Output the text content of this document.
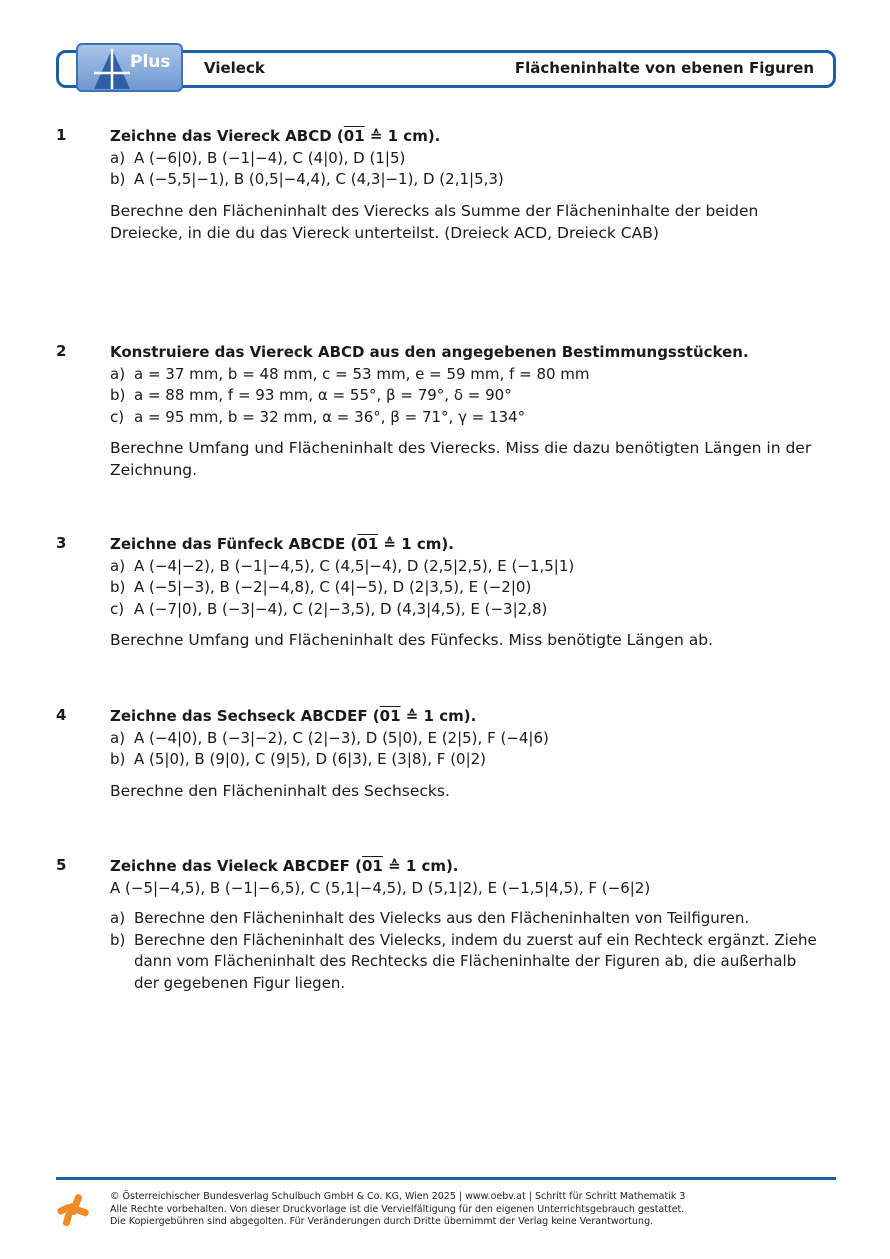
Plus Vieleck	Flächeninhalte von ebenen Figuren
1	Zeichne das Viereck ABCD (01 ≙ 1 cm).
a) A (−6|0), B (−1|−4), C (4|0), D (1|5)
b) A (−5,5|−1), B (0,5|−4,4), C (4,3|−1), D (2,1|5,3)
Berechne den Flächeninhalt des Vierecks als Summe der Flächeninhalte der beiden Dreiecke, in die du das Viereck unterteilst. (Dreieck ACD, Dreieck CAB)
2	Konstruiere das Viereck ABCD aus den angegebenen Bestimmungsstücken.
a) a = 37 mm, b = 48 mm, c = 53 mm, e = 59 mm, f = 80 mm
b) a = 88 mm, f = 93 mm, α = 55°, β = 79°, δ = 90°
c) a = 95 mm, b = 32 mm, α = 36°, β = 71°, γ = 134°
Berechne Umfang und Flächeninhalt des Vierecks. Miss die dazu benötigten Längen in der Zeichnung.
3	Zeichne das Fünfeck ABCDE (01 ≙ 1 cm).
a) A (−4|−2), B (−1|−4,5), C (4,5|−4), D (2,5|2,5), E (−1,5|1)
b) A (−5|−3), B (−2|−4,8), C (4|−5), D (2|3,5), E (−2|0)
c) A (−7|0), B (−3|−4), C (2|−3,5), D (4,3|4,5), E (−3|2,8)
Berechne Umfang und Flächeninhalt des Fünfecks. Miss benötigte Längen ab.
4	Zeichne das Sechseck ABCDEF (01 ≙ 1 cm).
a) A (−4|0), B (−3|−2), C (2|−3), D (5|0), E (2|5), F (−4|6)
b) A (5|0), B (9|0), C (9|5), D (6|3), E (3|8), F (0|2)
Berechne den Flächeninhalt des Sechsecks.
5	Zeichne das Vieleck ABCDEF (01 ≙ 1 cm).
A (−5|−4,5), B (−1|−6,5), C (5,1|−4,5), D (5,1|2), E (−1,5|4,5), F (−6|2)
a) Berechne den Flächeninhalt des Vielecks aus den Flächeninhalten von Teilfiguren.
b) Berechne den Flächeninhalt des Vielecks, indem du zuerst auf ein Rechteck ergänzt. Ziehe dann vom Flächeninhalt des Rechtecks die Flächeninhalte der Figuren ab, die außerhalb der gegebenen Figur liegen.
© Österreichischer Bundesverlag Schulbuch GmbH & Co. KG, Wien 2025 | www.oebv.at | Schritt für Schritt Mathematik 3
Alle Rechte vorbehalten. Von dieser Druckvorlage ist die Vervielfältigung für den eigenen Unterrichtsgebrauch gestattet.
Die Kopiergebühren sind abgegolten. Für Veränderungen durch Dritte übernimmt der Verlag keine Verantwortung.
